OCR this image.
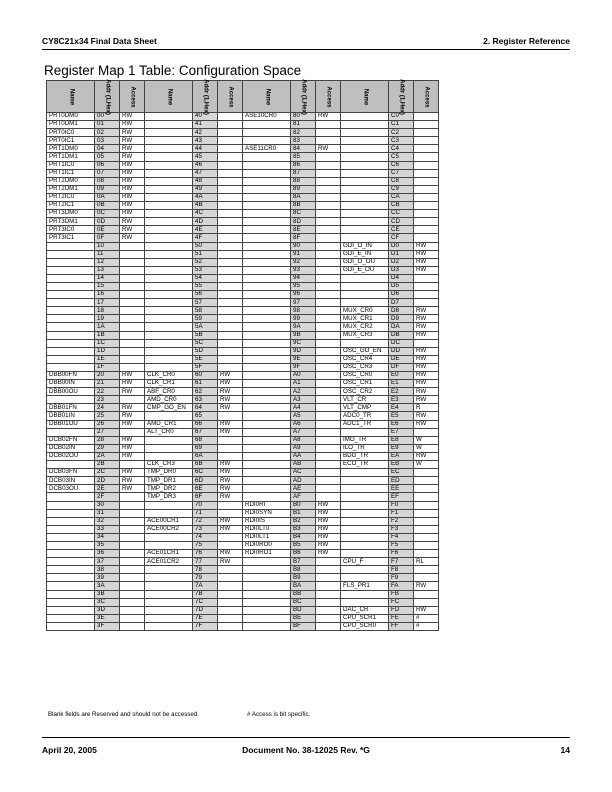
CY8C21x34 Final Data Sheet	2. Register Reference
Register Map 1 Table: Configuration Space
Name	Addr (1,Hex)	Access	Name	Addr (1,Hex)	Access	Name	Addr (1,Hex)	Access	Name	Addr (1,Hex)	Access

PRT0DM0	00	RW		40		ASE10CR0	80	RW		C0	
PRT0DM1	01	RW		41			81			C1	
PRT0IC0	02	RW		42			82			C2	
PRT0IC1	03	RW		43			83			C3	
PRT1DM0	04	RW		44		ASE11CR0	84	RW		C4	
PRT1DM1	05	RW		45			85			C5	
PRT1IC0	06	RW		46			86			C6	
PRT1IC1	07	RW		47			87			C7	
PRT2DM0	08	RW		48			88			C8	
PRT2DM1	09	RW		49			89			C9	
PRT2IC0	0A	RW		4A			8A			CA	
PRT2IC1	0B	RW		4B			8B			CB	
PRT3DM0	0C	RW		4C			8C			CC	
PRT3DM1	0D	RW		4D			8D			CD	
PRT3IC0	0E	RW		4E			8E			CE	
PRT3IC1	0F	RW		4F			8F			CF	
	10			50			90		GDI_O_IN	D0	RW
	11			51			91		GDI_E_IN	D1	RW
	12			52			92		GDI_O_OU	D2	RW
	13			53			93		GDI_E_OU	D3	RW
	14			54			94			D4	
	15			55			95			D5	
	16			56			96			D6	
	17			57			97			D7	
	18			58			98		MUX_CR0	D8	RW
	19			59			99		MUX_CR1	D9	RW
	1A			5A			9A		MUX_CR2	DA	RW
	1B			5B			9B		MUX_CR3	DB	RW
	1C			5C			9C			DC	
	1D			5D			9D		OSC_GO_EN	DD	RW
	1E			5E			9E		OSC_CR4	DE	RW
	1F			5F			9F		OSC_CR3	DF	RW
DBB00FN	20	RW	CLK_CR0	60	RW		A0		OSC_CR0	E0	RW
DBB00IN	21	RW	CLK_CR1	61	RW		A1		OSC_CR1	E1	RW
DBB00OU	22	RW	ABF_CR0	62	RW		A2		OSC_CR2	E2	RW
	23		AMD_CR0	63	RW		A3		VLT_CR	E3	RW
DBB01FN	24	RW	CMP_GO_EN	64	RW		A4		VLT_CMP	E4	R
DBB01IN	25	RW		65			A5		ADC0_TR	E5	RW
DBB01OU	26	RW	AMD_CR1	66	RW		A6		ADC1_TR	E6	RW
	27		ALT_CR0	67	RW		A7			E7	
DCB02FN	28	RW		68			A8		IMO_TR	E8	W
DCB02IN	29	RW		69			A9		ILO_TR	E9	W
DCB02OU	2A	RW		6A			AA		BDG_TR	EA	RW
	2B		CLK_CR3	6B	RW		AB		ECO_TR	EB	W
DCB03FN	2C	RW	TMP_DR0	6C	RW		AC			EC	
DCB03IN	2D	RW	TMP_DR1	6D	RW		AD			ED	
DCB03OU	2E	RW	TMP_DR2	6E	RW		AE			EE	
	2F		TMP_DR3	6F	RW		AF			EF	
	30			70		RDI0RI	B0	RW		F0	
	31			71		RDI0SYN	B1	RW		F1	
	32		ACE00CR1	72	RW	RDI0IS	B2	RW		F2	
	33		ACE00CR2	73	RW	RDI0LT0	B3	RW		F3	
	34			74		RDI0LT1	B4	RW		F4	
	35			75		RDI0RO0	B5	RW		F5	
	36		ACE01CR1	76	RW	RDI0RO1	B6	RW		F6	
	37		ACE01CR2	77	RW		B7		CPU_F	F7	RL
	38			78			B8			F8	
	39			79			B9			F9	
	3A			7A			BA		FLS_PR1	FA	RW
	3B			7B			BB			FB	
	3C			7C			BC			FC	
	3D			7D			BD		DAC_CR	FD	RW
	3E			7E			BE		CPU_SCR1	FE	#
	3F			7F			BF		CPU_SCR0	FF	#
Blank fields are Reserved and should not be accessed.	# Access is bit specific.
April 20, 2005	Document No. 38-12025 Rev. *G	14
